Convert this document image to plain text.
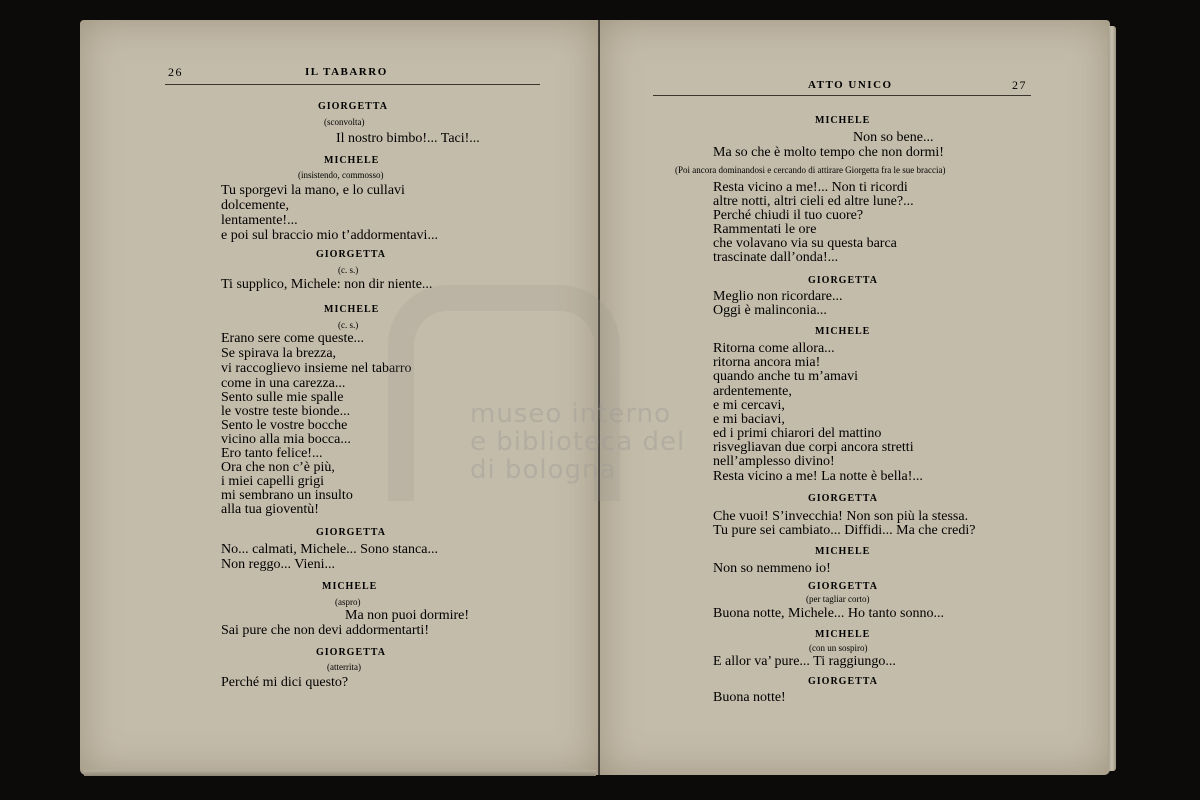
26	IL TABARRO
ATTO UNICO	27
GIORGETTA
(sconvolta)
Il nostro bimbo!... Taci!...
MICHELE
(insistendo, commosso)
Tu sporgevi la mano, e lo cullavi
dolcemente,
lentamente!...
e poi sul braccio mio t’addormentavi...
GIORGETTA
(c. s.)
Ti supplico, Michele: non dir niente...
MICHELE
(c. s.)
Erano sere come queste...
Se spirava la brezza,
vi raccoglievo insieme nel tabarro
come in una carezza...
Sento sulle mie spalle
le vostre teste bionde...
Sento le vostre bocche
vicino alla mia bocca...
Ero tanto felice!...
Ora che non c’è più,
i miei capelli grigi
mi sembrano un insulto
alla tua gioventù!
GIORGETTA
No... calmati, Michele... Sono stanca...
Non reggo... Vieni...
MICHELE
(aspro)
Ma non puoi dormire!
Sai pure che non devi addormentarti!
GIORGETTA
(atterrita)
Perché mi dici questo?
MICHELE
Non so bene...
Ma so che è molto tempo che non dormi!
(Poi ancora dominandosi e cercando di attirare Giorgetta fra le sue braccia)
Resta vicino a me!... Non ti ricordi
altre notti, altri cieli ed altre lune?...
Perché chiudi il tuo cuore?
Rammentati le ore
che volavano via su questa barca
trascinate dall’onda!...
GIORGETTA
Meglio non ricordare...
Oggi è malinconia...
MICHELE
Ritorna come allora...
ritorna ancora mia!
quando anche tu m’amavi
ardentemente,
e mi cercavi,
e mi baciavi,
ed i primi chiarori del mattino
risvegliavan due corpi ancora stretti
nell’amplesso divino!
Resta vicino a me! La notte è bella!...
GIORGETTA
Che vuoi! S’invecchia! Non son più la stessa.
Tu pure sei cambiato... Diffidi... Ma che credi?
MICHELE
Non so nemmeno io!
GIORGETTA
(per tagliar corto)
Buona notte, Michele... Ho tanto sonno...
MICHELE
(con un sospiro)
E allor va’ pure... Ti raggiungo...
GIORGETTA
Buona notte!
museo interno
e biblioteca del
di bologna
